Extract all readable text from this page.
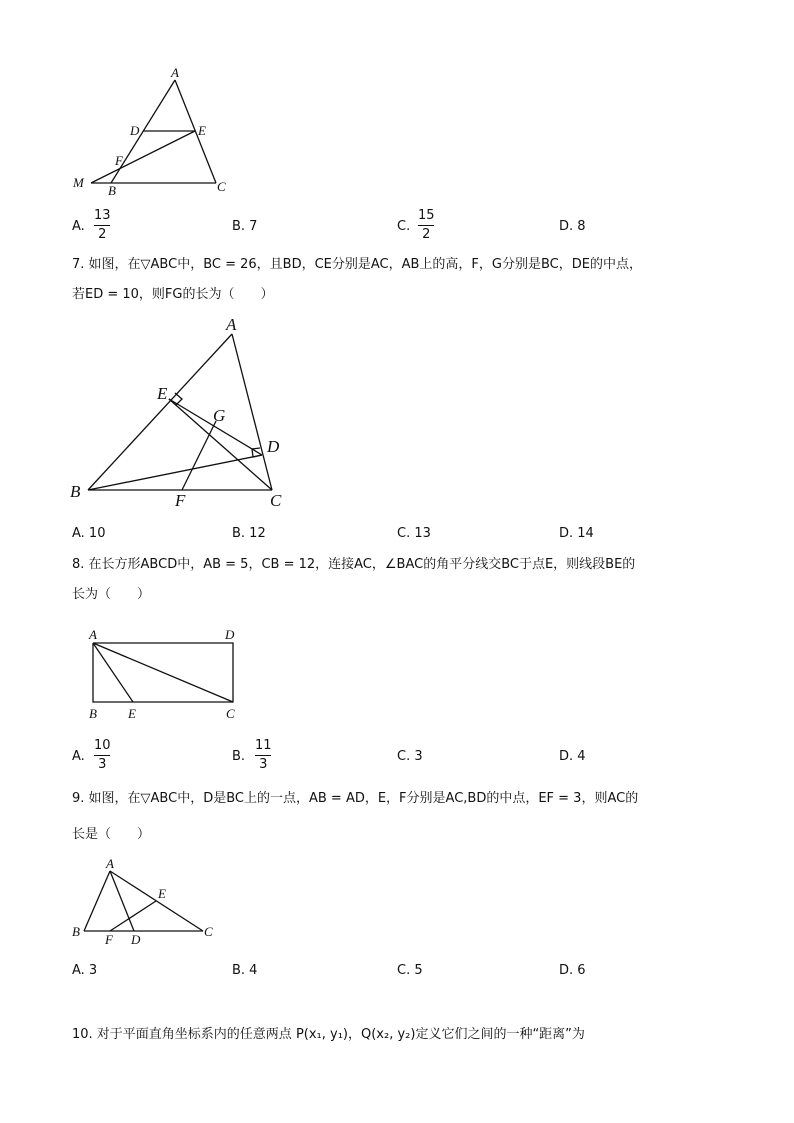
A
D	E
F
M
B	C
A.
13
2
B. 7	C.
15
2
D. 8
7. 如图，在▽ABC中，BC = 26，且BD，CE分别是AC，AB上的高，F，G分别是BC，DE的中点，
若ED = 10，则FG的长为（　　）
A
E
G
D
B	F	C
A. 10	B. 12	C. 13	D. 14
8. 在长方形ABCD中，AB = 5，CB = 12，连接AC，∠BAC的角平分线交BC于点E，则线段BE的
长为（　　）
A	D
B E	C
A.
10
3
B.
11
3
C. 3	D. 4
9. 如图，在▽ABC中，D是BC上的一点，AB = AD，E，F分别是AC,BD的中点，EF = 3，则AC的
长是（　　）
A
E
B
F D
C
A. 3	B. 4	C. 5	D. 6
10. 对于平面直角坐标系内的任意两点 P(x₁, y₁)，Q(x₂, y₂)定义它们之间的一种“距离”为
